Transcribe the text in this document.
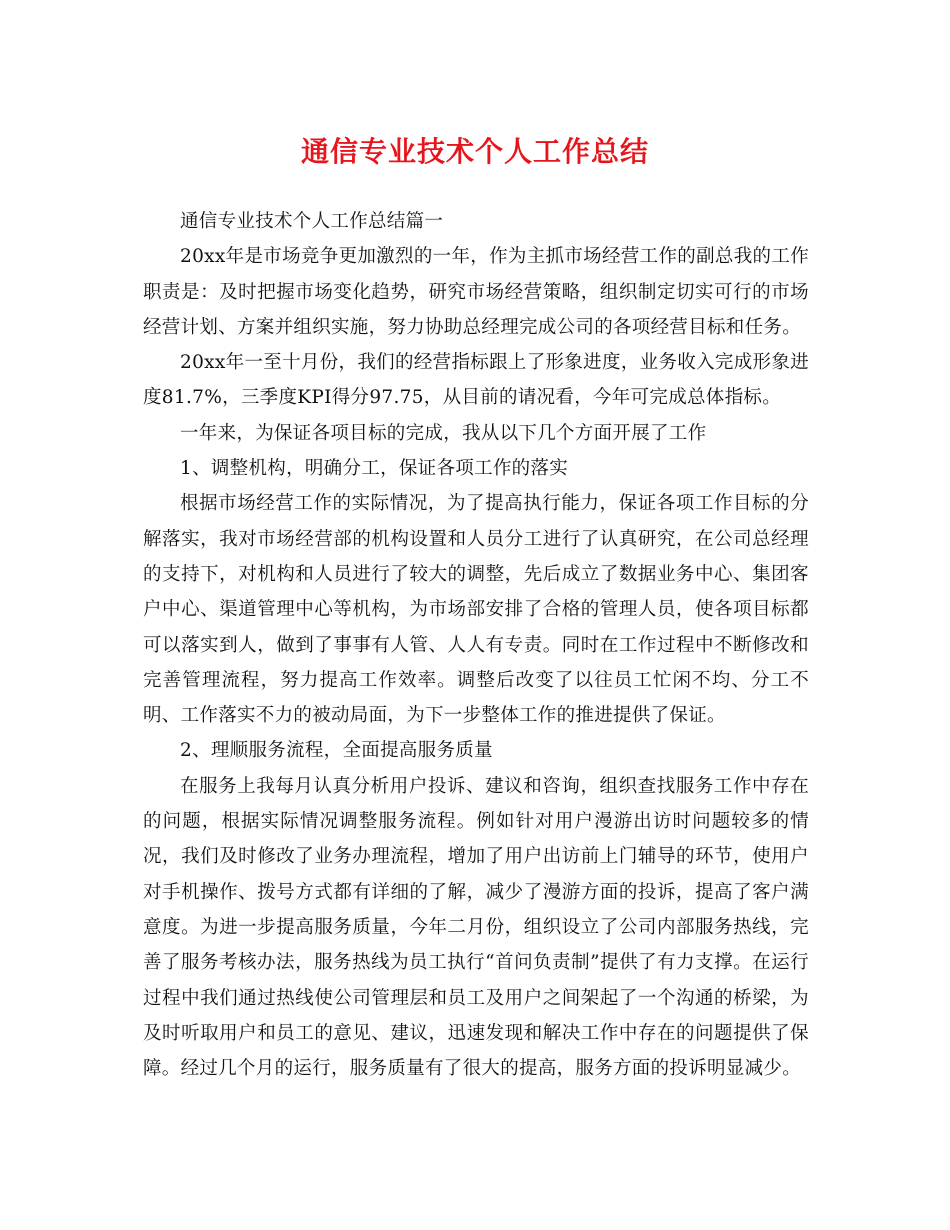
通信专业技术个人工作总结

通信专业技术个人工作总结篇一

20xx年是市场竞争更加激烈的一年，作为主抓市场经营工作的副总我的工作职责是：及时把握市场变化趋势，研究市场经营策略，组织制定切实可行的市场经营计划、方案并组织实施，努力协助总经理完成公司的各项经营目标和任务。

20xx年一至十月份，我们的经营指标跟上了形象进度，业务收入完成形象进度81.7%，三季度KPI得分97.75，从目前的请况看，今年可完成总体指标。

一年来，为保证各项目标的完成，我从以下几个方面开展了工作

1、调整机构，明确分工，保证各项工作的落实

根据市场经营工作的实际情况，为了提高执行能力，保证各项工作目标的分解落实，我对市场经营部的机构设置和人员分工进行了认真研究，在公司总经理的支持下，对机构和人员进行了较大的调整，先后成立了数据业务中心、集团客户中心、渠道管理中心等机构，为市场部安排了合格的管理人员，使各项目标都可以落实到人，做到了事事有人管、人人有专责。同时在工作过程中不断修改和完善管理流程，努力提高工作效率。调整后改变了以往员工忙闲不均、分工不明、工作落实不力的被动局面，为下一步整体工作的推进提供了保证。

2、理顺服务流程，全面提高服务质量

在服务上我每月认真分析用户投诉、建议和咨询，组织查找服务工作中存在的问题，根据实际情况调整服务流程。例如针对用户漫游出访时问题较多的情况，我们及时修改了业务办理流程，增加了用户出访前上门辅导的环节，使用户对手机操作、拨号方式都有详细的了解，减少了漫游方面的投诉，提高了客户满意度。为进一步提高服务质量，今年二月份，组织设立了公司内部服务热线，完善了服务考核办法，服务热线为员工执行“首问负责制”提供了有力支撑。在运行过程中我们通过热线使公司管理层和员工及用户之间架起了一个沟通的桥梁，为及时听取用户和员工的意见、建议，迅速发现和解决工作中存在的问题提供了保障。经过几个月的运行，服务质量有了很大的提高，服务方面的投诉明显减少。
